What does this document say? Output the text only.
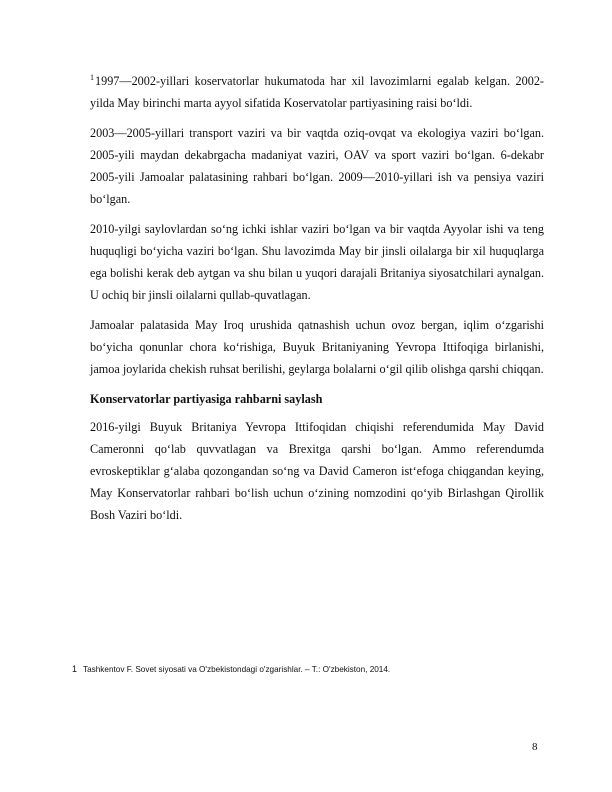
$^1$1997—2002-yillari koservatorlar hukumatoda har xil lavozimlarni egalab kelgan. 2002-yilda May birinchi marta ayyol sifatida Koservatolar partiyasining raisi bo‘ldi.

2003—2005-yillari transport vaziri va bir vaqtda oziq-ovqat va ekologiya vaziri bo‘lgan. 2005-yili maydan dekabrgacha madaniyat vaziri, OAV va sport vaziri bo‘lgan. 6-dekabr 2005-yili Jamoalar palatasining rahbari bo‘lgan. 2009—2010-yillari ish va pensiya vaziri bo‘lgan.

2010-yilgi saylovlardan so‘ng ichki ishlar vaziri bo‘lgan va bir vaqtda Ayyolar ishi va teng huquqligi bo‘yicha vaziri bo‘lgan. Shu lavozimda May bir jinsli oilalarga bir xil huquqlarga ega bolishi kerak deb aytgan va shu bilan u yuqori darajali Britaniya siyosatchilari aynalgan. U ochiq bir jinsli oilalarni qullab-quvatlagan.

Jamoalar palatasida May Iroq urushida qatnashish uchun ovoz bergan, iqlim o‘zgarishi bo‘yicha qonunlar chora ko‘rishiga, Buyuk Britaniyaning Yevropa Ittifoqiga birlanishi, jamoa joylarida chekish ruhsat berilishi, geylarga bolalarni o‘gil qilib olishga qarshi chiqqan.

Konservatorlar partiyasiga rahbarni saylash

2016-yilgi Buyuk Britaniya Yevropa Ittifoqidan chiqishi referendumida May David Cameronni qo‘lab quvvatlagan va Brexitga qarshi bo‘lgan. Ammo referendumda evroskeptiklar g‘alaba qozongandan so‘ng va David Cameron ist‘efoga chiqgandan keying, May Konservatorlar rahbari bo‘lish uchun o‘zining nomzodini qo‘yib Birlashgan Qirollik Bosh Vaziri bo‘ldi.

1 Tashkentov F. Sovet siyosati va O'zbekistondagi o'zgarishlar. – T.: O'zbekiston, 2014.
8
